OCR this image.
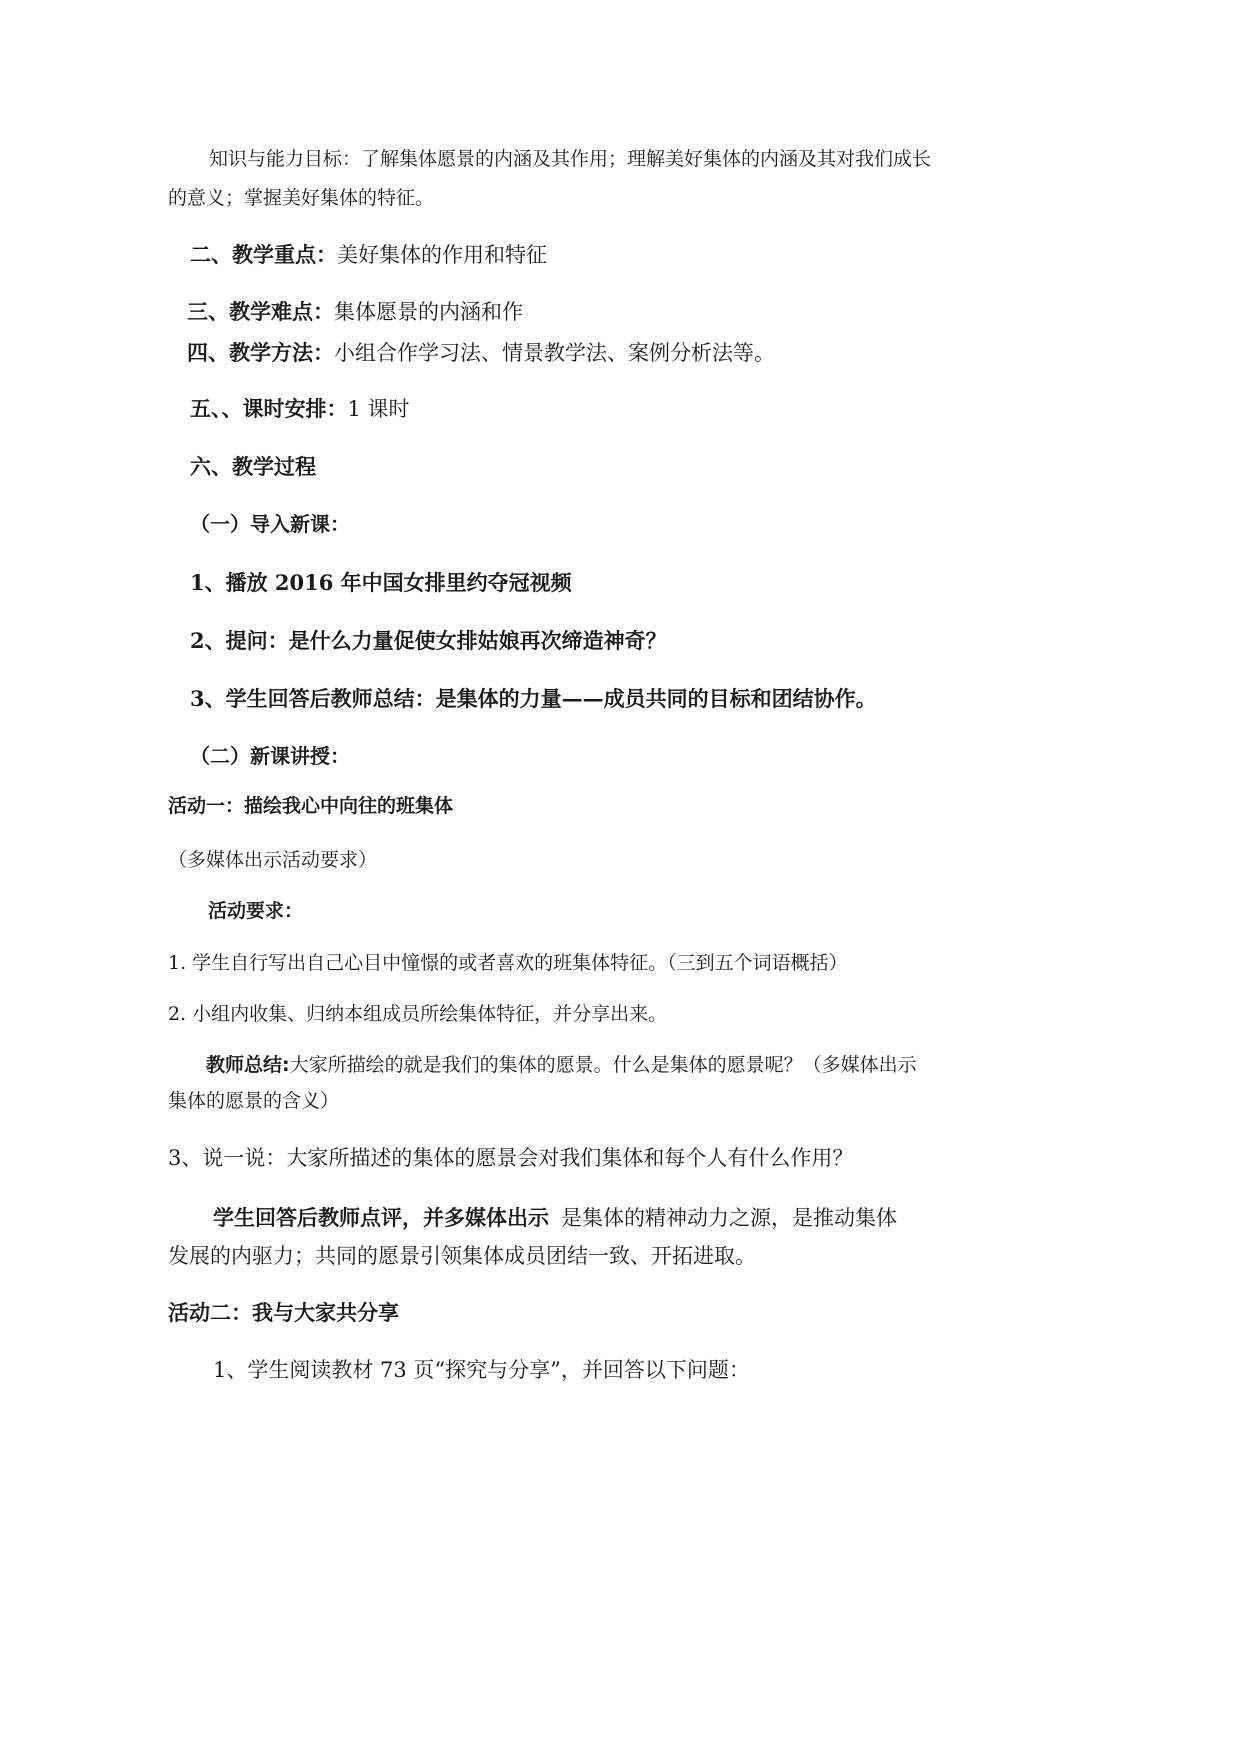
知识与能力目标：了解集体愿景的内涵及其作用；理解美好集体的内涵及其对我们成长

的意义；掌握美好集体的特征。

二、教学重点：美好集体的作用和特征

三、教学难点：集体愿景的内涵和作

四、教学方法：小组合作学习法、情景教学法、案例分析法等。

五、、课时安排：1 课时

六、教学过程

（一）导入新课：

1、播放 2016 年中国女排里约夺冠视频

2、提问：是什么力量促使女排姑娘再次缔造神奇？

3、学生回答后教师总结：是集体的力量——成员共同的目标和团结协作。

（二）新课讲授：

活动一：描绘我心中向往的班集体

（多媒体出示活动要求）

活动要求：

1. 学生自行写出自己心目中憧憬的或者喜欢的班集体特征。（三到五个词语概括）

2. 小组内收集、归纳本组成员所绘集体特征，并分享出来。

教师总结:大家所描绘的就是我们的集体的愿景。什么是集体的愿景呢？（多媒体出示

集体的愿景的含义）

3、说一说：大家所描述的集体的愿景会对我们集体和每个人有什么作用？

学生回答后教师点评，并多媒体出示 是集体的精神动力之源，是推动集体

发展的内驱力；共同的愿景引领集体成员团结一致、开拓进取。

活动二：我与大家共分享

1、学生阅读教材 73 页“探究与分享”，并回答以下问题：
